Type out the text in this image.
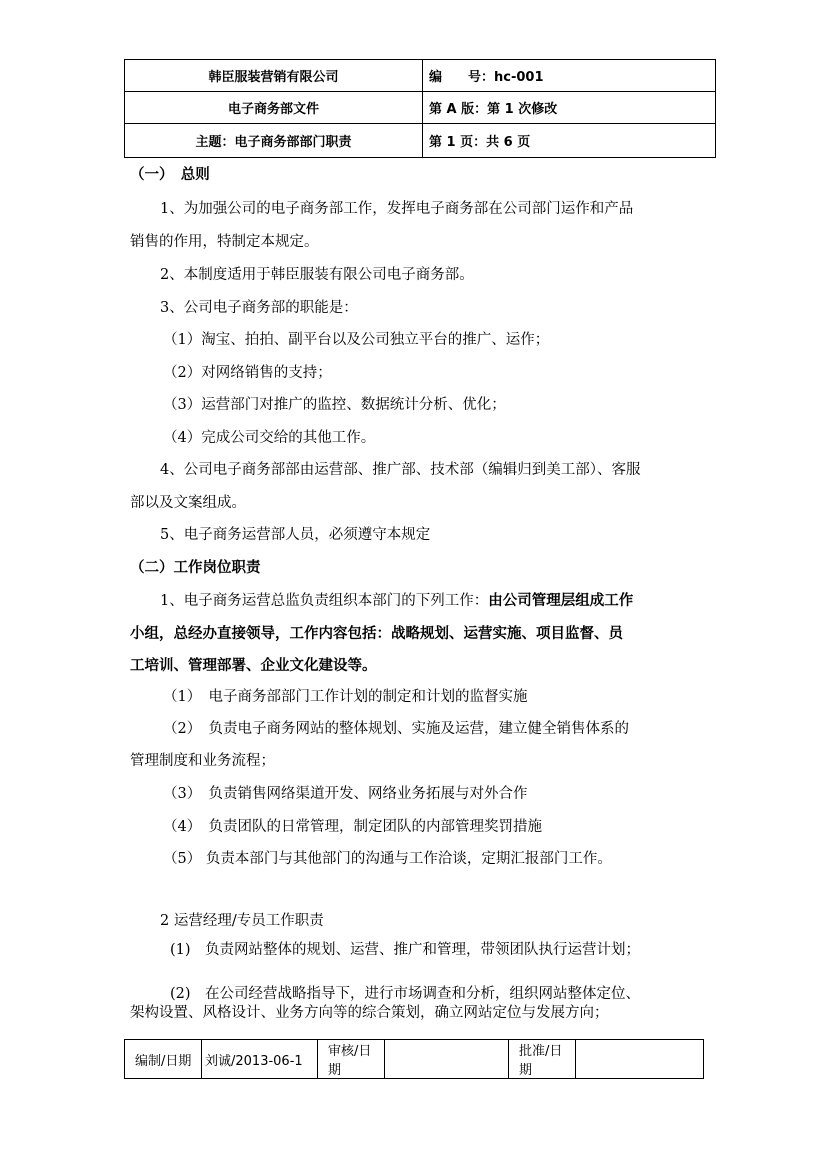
韩臣服装营销有限公司	编　　号：hc-001
电子商务部文件	第 A 版：第 1 次修改
主题：电子商务部部门职责	第 1 页：共 6 页
（一）　总则
1、为加强公司的电子商务部工作，发挥电子商务部在公司部门运作和产品
销售的作用，特制定本规定。
2、本制度适用于韩臣服装有限公司电子商务部。
3、公司电子商务部的职能是：
（1）淘宝、拍拍、副平台以及公司独立平台的推广、运作；
（2）对网络销售的支持；
（3）运营部门对推广的监控、数据统计分析、优化；
（4）完成公司交给的其他工作。
4、公司电子商务部部由运营部、推广部、技术部（编辑归到美工部）、客服
部以及文案组成。
5、电子商务运营部人员，必须遵守本规定
（二）工作岗位职责
1、电子商务运营总监负责组织本部门的下列工作：由公司管理层组成工作
小组，总经办直接领导，工作内容包括：战略规划、运营实施、项目监督、员
工培训、管理部署、企业文化建设等。
（1）　电子商务部部门工作计划的制定和计划的监督实施
（2）　负责电子商务网站的整体规划、实施及运营，建立健全销售体系的
管理制度和业务流程；
（3）　负责销售网络渠道开发、网络业务拓展与对外合作
（4）　负责团队的日常管理，制定团队的内部管理奖罚措施
（5） 负责本部门与其他部门的沟通与工作洽谈，定期汇报部门工作。
2 运营经理/专员工作职责
(1)　负责网站整体的规划、运营、推广和管理，带领团队执行运营计划；
(2)　在公司经营战略指导下，进行市场调查和分析，组织网站整体定位、
架构设置、风格设计、业务方向等的综合策划，确立网站定位与发展方向；
编制/日期	刘诚/2013-06-1	审核/日期		批准/日期	
